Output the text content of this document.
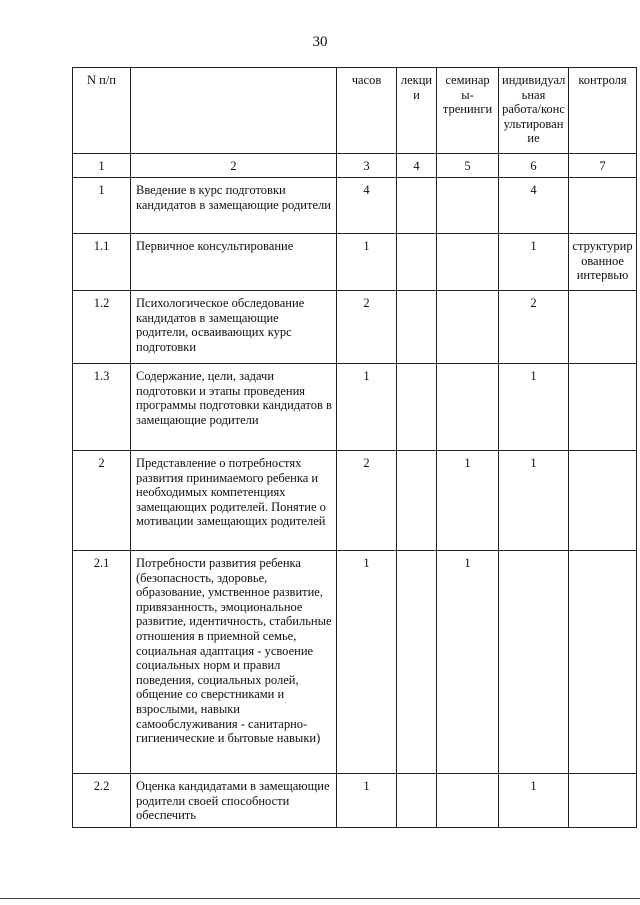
30
N п/п		часов	лекци и	семинар ы- тренинги	индивидуал ьная работа/конс ультирован ие	контроля
1	2	3	4	5	6	7
1	Введение в курс подготовки кандидатов в замещающие родители	4			4	
1.1	Первичное консультирование	1			1	структурир ованное интервью
1.2	Психологическое обследование кандидатов в замещающие родители, осваивающих курс подготовки	2			2	
1.3	Содержание, цели, задачи подготовки и этапы проведения программы подготовки кандидатов в замещающие родители	1			1	
2	Представление о потребностях развития принимаемого ребенка и необходимых компетенциях замещающих родителей. Понятие о мотивации замещающих родителей	2		1	1	
2.1	Потребности развития ребенка (безопасность, здоровье, образование, умственное развитие, привязанность, эмоциональное развитие, идентичность, стабильные отношения в приемной семье, социальная адаптация - усвоение социальных норм и правил поведения, социальных ролей, общение со сверстниками и взрослыми, навыки самообслуживания - санитарно-гигиенические и бытовые навыки)	1		1		
2.2	Оценка кандидатами в замещающие родители своей способности обеспечить	1			1	
